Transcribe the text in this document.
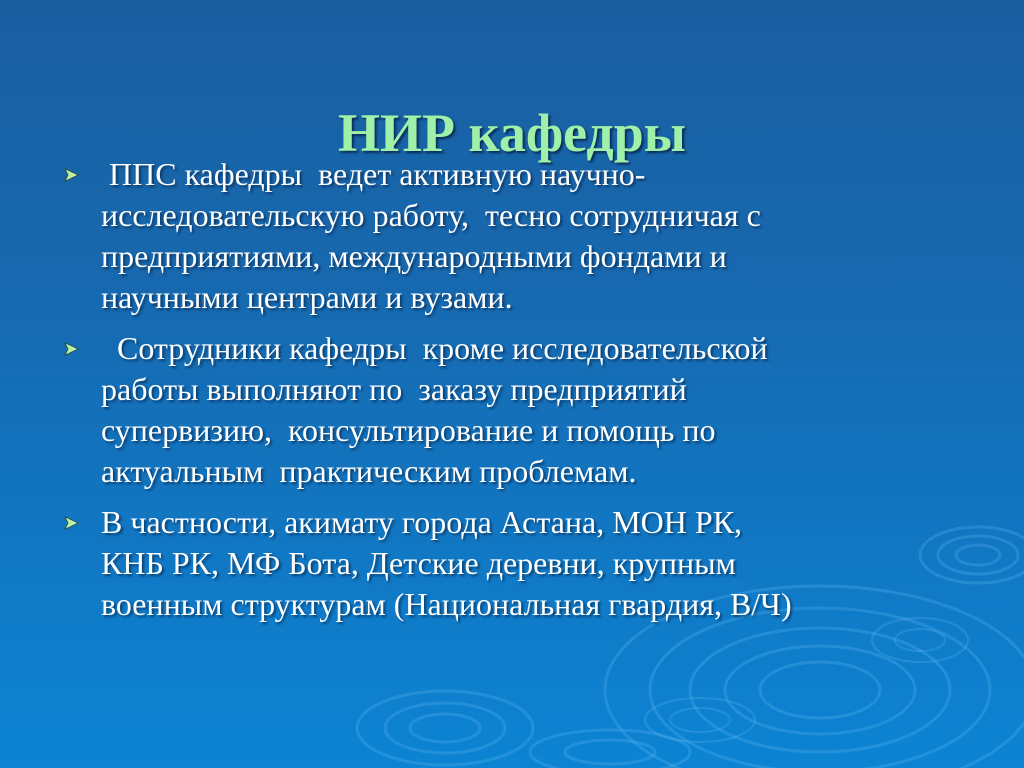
НИР кафедры
ППС кафедры  ведет активную научно-
исследовательскую работу,  тесно сотрудничая с
предприятиями, международными фондами и
научными центрами и вузами.
Сотрудники кафедры  кроме исследовательской
работы выполняют по  заказу предприятий
супервизию,  консультирование и помощь по
актуальным  практическим проблемам.
В частности, акимату города Астана, МОН РК,
КНБ РК, МФ Бота, Детские деревни, крупным
военным структурам (Национальная гвардия, В/Ч)
